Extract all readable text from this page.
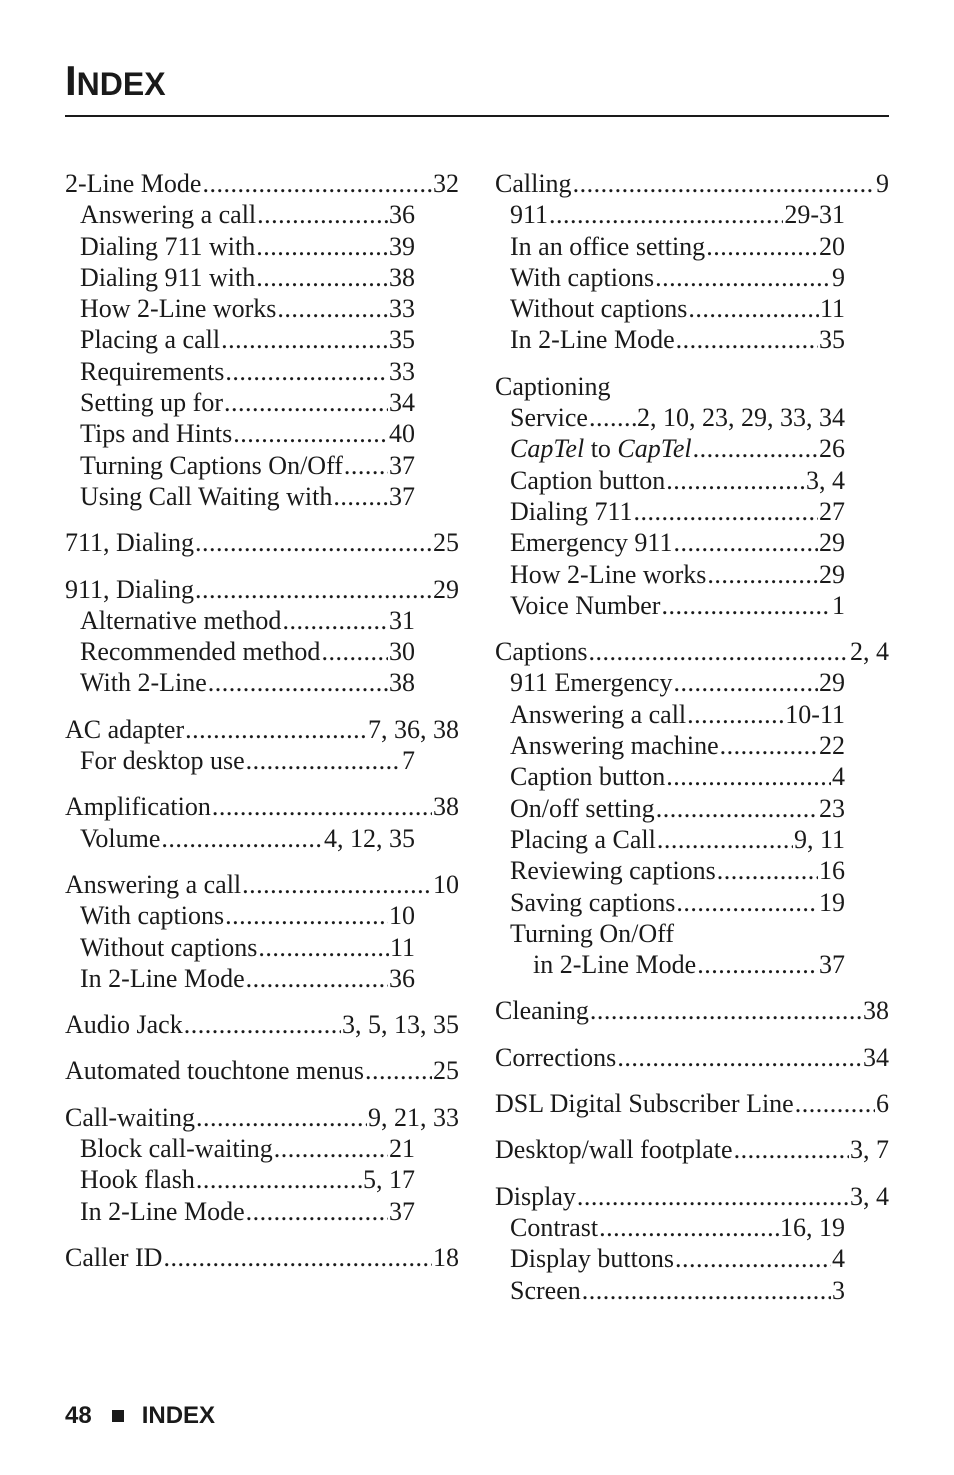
INDEX
2-Line Mode .....	32
Answering a call .....	36
Dialing 711 with .....	39
Dialing 911 with .....	38
How 2-Line works .....	33
Placing a call .....	35
Requirements .....	33
Setting up for .....	34
Tips and Hints .....	40
Turning Captions On/Off ..... 37
Using Call Waiting with ..... 37
711, Dialing .....	25
911, Dialing .....	29
Alternative method .....	31
Recommended method .....	30
With 2-Line .....	38
AC adapter .....	7, 36, 38
For desktop use .....	7
Amplification .....	38
Volume .....	4, 12, 35
Answering a call .....	10
With captions .....	10
Without captions .....	11
In 2-Line Mode .....	36
Audio Jack .....	3, 5, 13, 35
Automated touchtone menus .....	25
Call-waiting .....	9, 21, 33
Block call-waiting .....	21
Hook flash .....	5, 17
In 2-Line Mode .....	37
Caller ID .....	18
Calling .....	9
911 .....	29-31
In an office setting .....	20
With captions .....	9
Without captions .....	11
In 2-Line Mode .....	35
Captioning
Service ..... 2, 10, 23, 29, 33, 34
CapTel to CapTel .....	26
Caption button .....	3, 4
Dialing 711 .....	27
Emergency 911 .....	29
How 2-Line works .....	29
Voice Number .....	1
Captions .....	2, 4
911 Emergency .....	29
Answering a call .....	10-11
Answering machine .....	22
Caption button .....	4
On/off setting .....	23
Placing a Call .....	9, 11
Reviewing captions .....	16
Saving captions .....	19
Turning On/Off
in 2-Line Mode .....	37
Cleaning .....	38
Corrections .....	34
DSL Digital Subscriber Line .....	6
Desktop/wall footplate .....	3, 7
Display .....	3, 4
Contrast .....	16, 19
Display buttons .....	4
Screen .....	3
48 INDEX
